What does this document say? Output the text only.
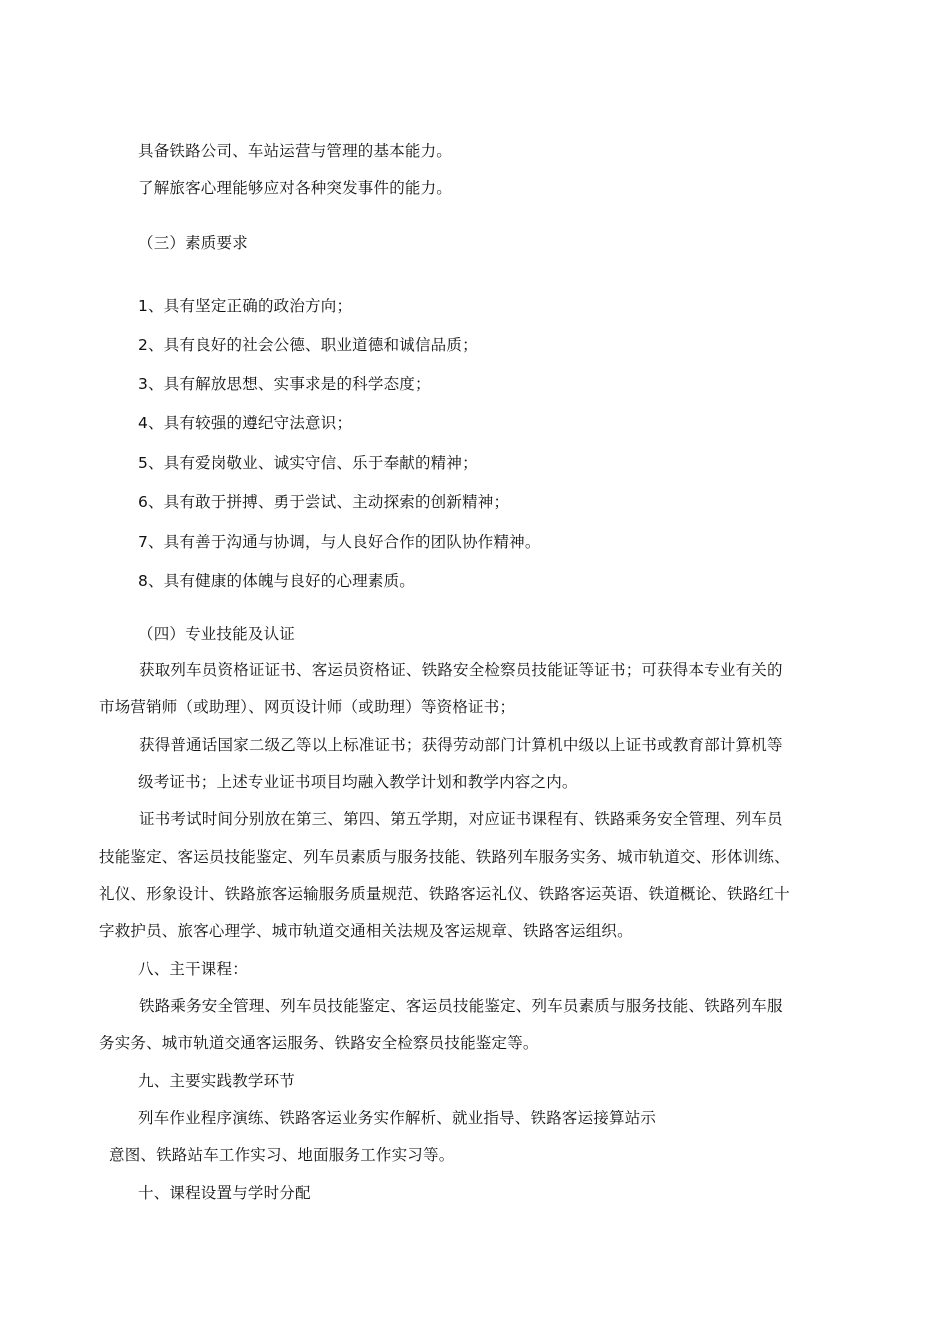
具备铁路公司、车站运营与管理的基本能力。
了解旅客心理能够应对各种突发事件的能力。
（三）素质要求
1、具有坚定正确的政治方向；
2、具有良好的社会公德、职业道德和诚信品质；
3、具有解放思想、实事求是的科学态度；
4、具有较强的遵纪守法意识；
5、具有爱岗敬业、诚实守信、乐于奉献的精神；
6、具有敢于拼搏、勇于尝试、主动探索的创新精神；
7、具有善于沟通与协调，与人良好合作的团队协作精神。
8、具有健康的体魄与良好的心理素质。
（四）专业技能及认证
获取列车员资格证证书、客运员资格证、铁路安全检察员技能证等证书；可获得本专业有关的
市场营销师（或助理）、网页设计师（或助理）等资格证书；
获得普通话国家二级乙等以上标准证书；获得劳动部门计算机中级以上证书或教育部计算机等
级考证书；上述专业证书项目均融入教学计划和教学内容之内。
证书考试时间分别放在第三、第四、第五学期，对应证书课程有、铁路乘务安全管理、列车员
技能鉴定、客运员技能鉴定、列车员素质与服务技能、铁路列车服务实务、城市轨道交、形体训练、
礼仪、形象设计、铁路旅客运输服务质量规范、铁路客运礼仪、铁路客运英语、铁道概论、铁路红十
字救护员、旅客心理学、城市轨道交通相关法规及客运规章、铁路客运组织。
八、主干课程：
铁路乘务安全管理、列车员技能鉴定、客运员技能鉴定、列车员素质与服务技能、铁路列车服
务实务、城市轨道交通客运服务、铁路安全检察员技能鉴定等。
九、主要实践教学环节
列车作业程序演练、铁路客运业务实作解析、就业指导、铁路客运接算站示
意图、铁路站车工作实习、地面服务工作实习等。
十、课程设置与学时分配
